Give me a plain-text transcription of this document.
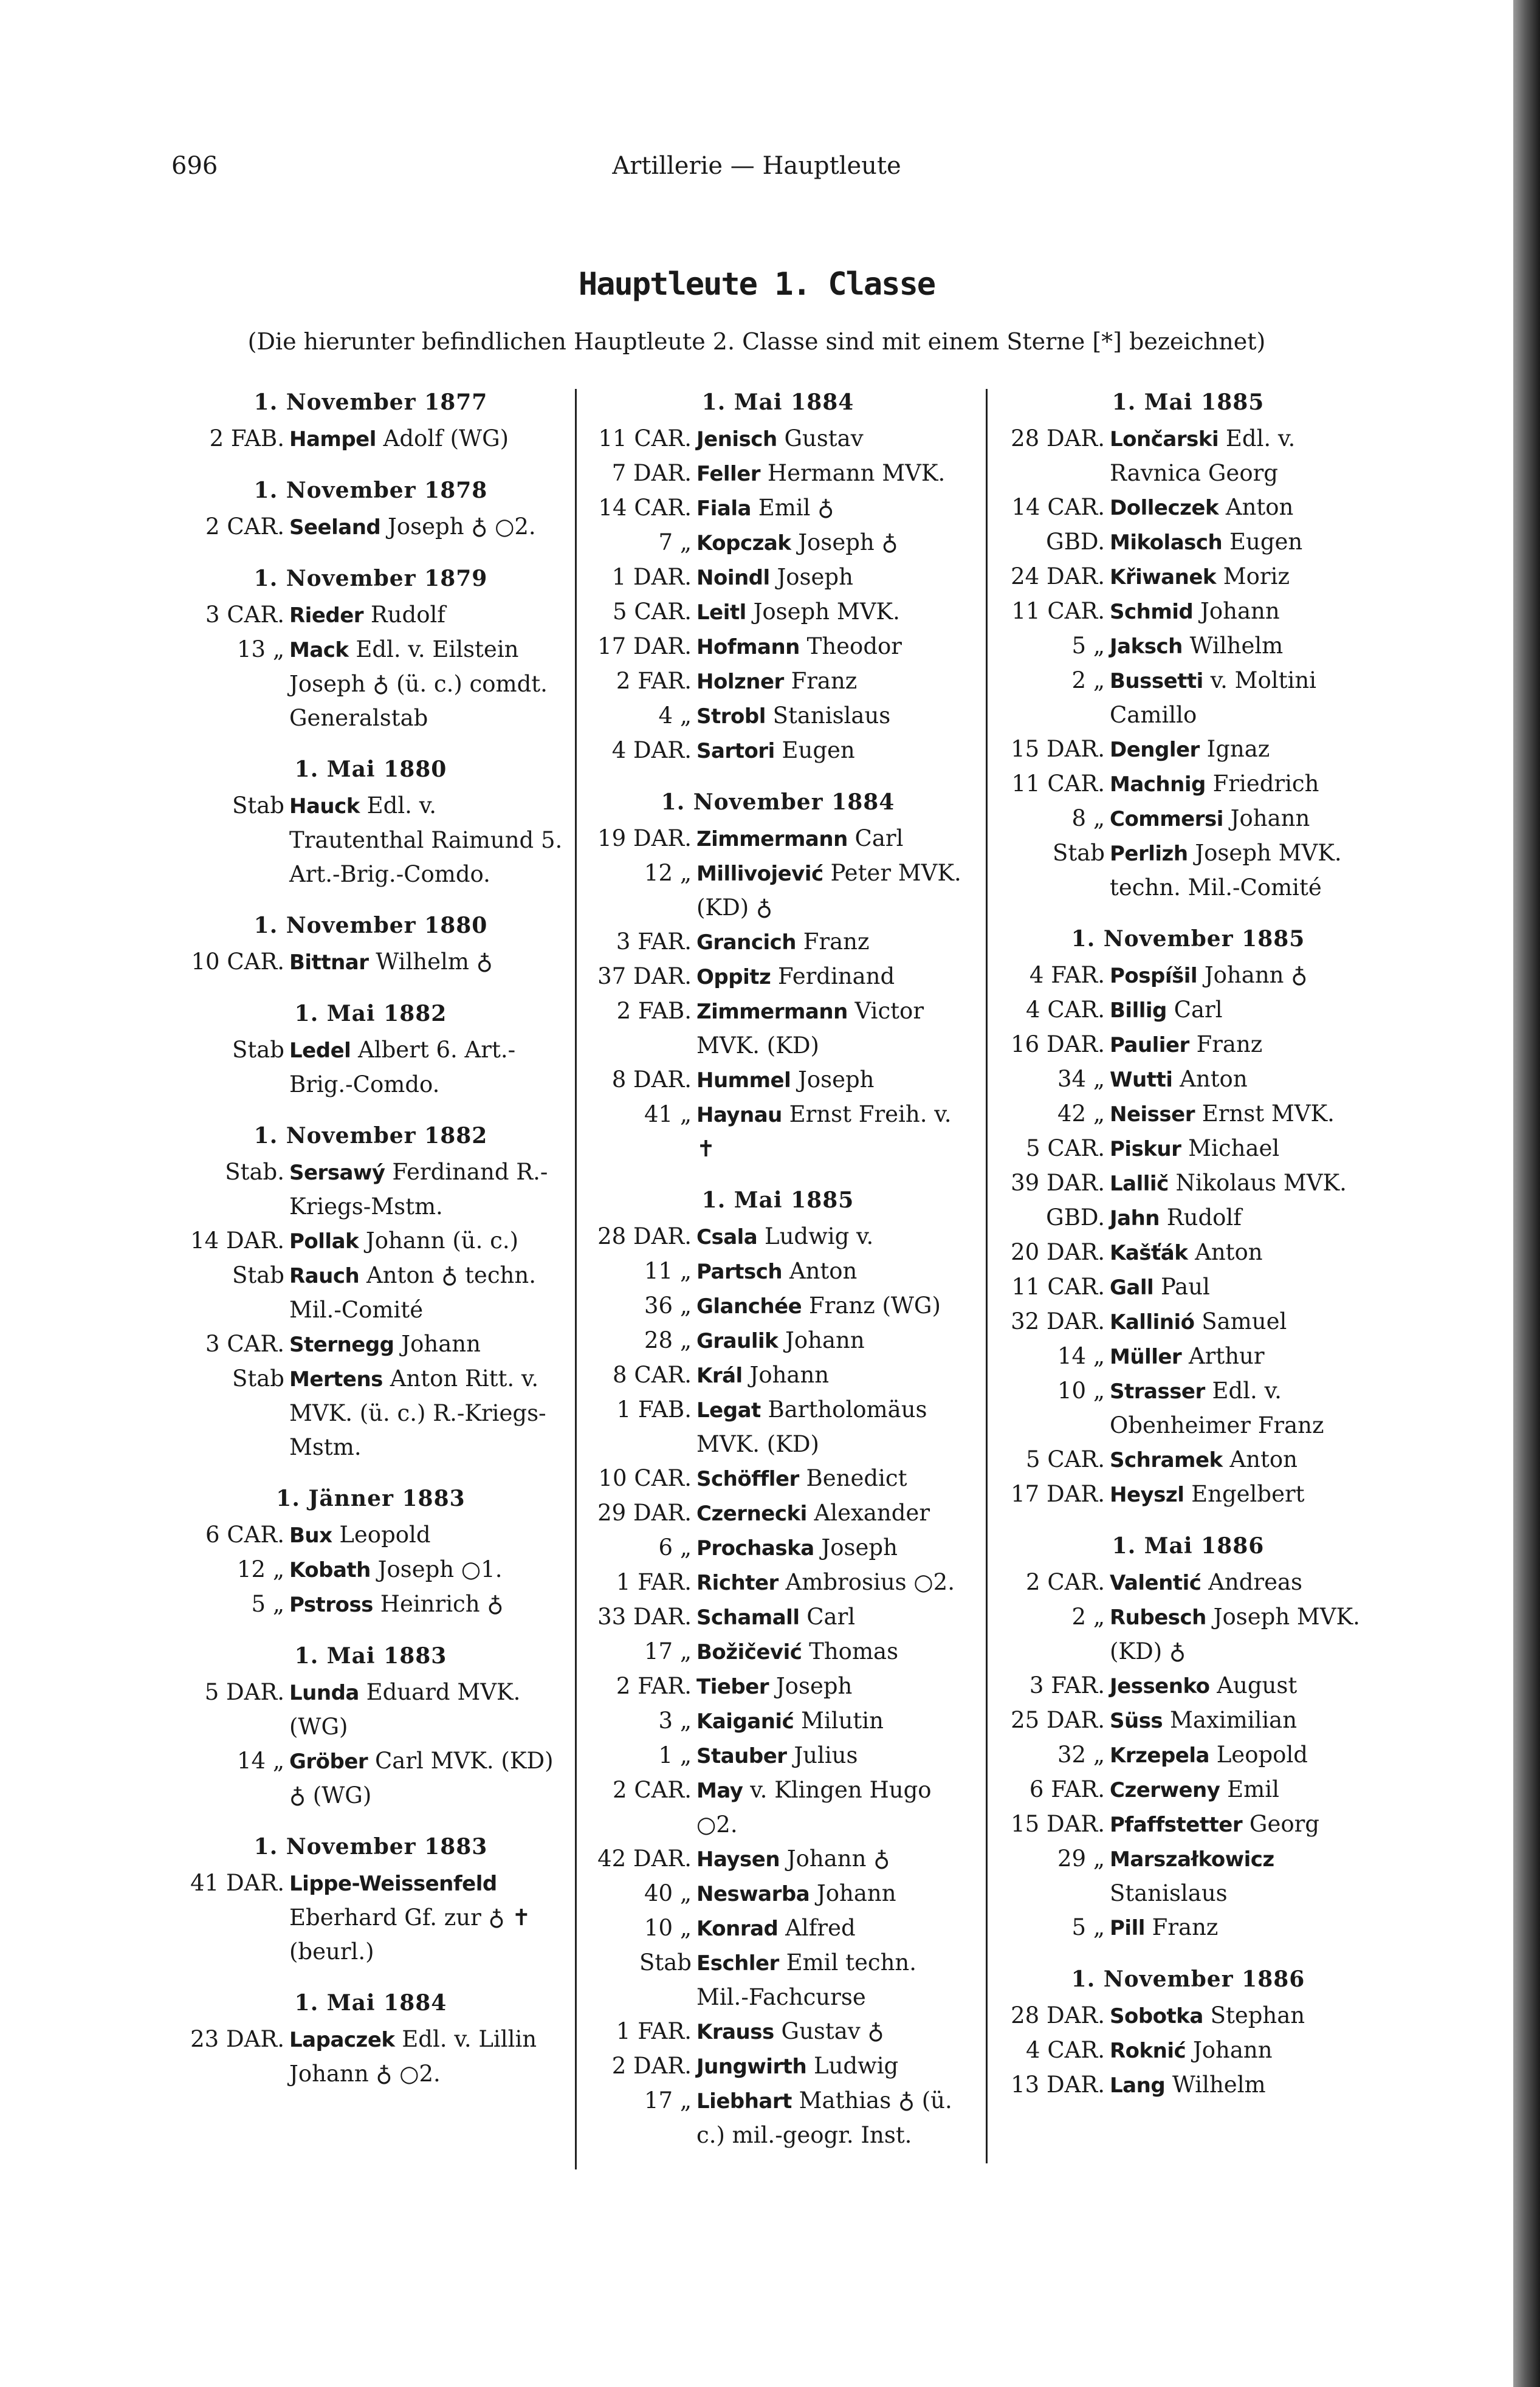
696	Artillerie — Hauptleute
Hauptleute 1. Classe
(Die hierunter befindlichen Hauptleute 2. Classe sind mit einem Sterne [*] bezeichnet)
1. November 1877
2 FAB. Hampel Adolf (WG)
1. November 1878
2 CAR. Seeland Joseph ♁ ○2.
1. November 1879
3 CAR. Rieder Rudolf
13 „ Mack Edl. v. Eilstein Joseph ♁ (ü. c.) comdt. Generalstab
1. Mai 1880
Stab Hauck Edl. v. Trautenthal Raimund 5. Art.-Brig.-Comdo.
1. November 1880
10 CAR. Bittnar Wilhelm ♁
1. Mai 1882
Stab Ledel Albert 6. Art.-Brig.-Comdo.
1. November 1882
Stab. Sersawý Ferdinand R.-Kriegs-Mstm.
14 DAR. Pollak Johann (ü. c.)
Stab Rauch Anton ♁ techn. Mil.-Comité
3 CAR. Sternegg Johann
Stab Mertens Anton Ritt. v. MVK. (ü. c.) R.-Kriegs-Mstm.
1. Jänner 1883
6 CAR. Bux Leopold
12 „ Kobath Joseph ○1.
5 „ Pstross Heinrich ♁
1. Mai 1883
5 DAR. Lunda Eduard MVK. (WG)
14 „ Gröber Carl MVK. (KD) ♁ (WG)
1. November 1883
41 DAR. Lippe-Weissenfeld Eberhard Gf. zur ♁ ✝ (beurl.)
1. Mai 1884
23 DAR. Lapaczek Edl. v. Lillin Johann ♁ ○2.
1. Mai 1884
11 CAR. Jenisch Gustav
7 DAR. Feller Hermann MVK.
14 CAR. Fiala Emil ♁
7 „ Kopczak Joseph ♁
1 DAR. Noindl Joseph
5 CAR. Leitl Joseph MVK.
17 DAR. Hofmann Theodor
2 FAR. Holzner Franz
4 „ Strobl Stanislaus
4 DAR. Sartori Eugen
1. November 1884
19 DAR. Zimmermann Carl
12 „ Millivojević Peter MVK. (KD) ♁
3 FAR. Grancich Franz
37 DAR. Oppitz Ferdinand
2 FAB. Zimmermann Victor MVK. (KD)
8 DAR. Hummel Joseph
41 „ Haynau Ernst Freih. v. ✝
1. Mai 1885
28 DAR. Csala Ludwig v.
11 „ Partsch Anton
36 „ Glanchée Franz (WG)
28 „ Graulik Johann
8 CAR. Král Johann
1 FAB. Legat Bartholomäus MVK. (KD)
10 CAR. Schöffler Benedict
29 DAR. Czernecki Alexander
6 „ Prochaska Joseph
1 FAR. Richter Ambrosius ○2.
33 DAR. Schamall Carl
17 „ Božičević Thomas
2 FAR. Tieber Joseph
3 „ Kaiganić Milutin
1 „ Stauber Julius
2 CAR. May v. Klingen Hugo ○2.
42 DAR. Haysen Johann ♁
40 „ Neswarba Johann
10 „ Konrad Alfred
Stab Eschler Emil techn. Mil.-Fachcurse
1 FAR. Krauss Gustav ♁
2 DAR. Jungwirth Ludwig
17 „ Liebhart Mathias ♁ (ü. c.) mil.-geogr. Inst.
1. Mai 1885
28 DAR. Lončarski Edl. v. Ravnica Georg
14 CAR. Dolleczek Anton
GBD. Mikolasch Eugen
24 DAR. Křiwanek Moriz
11 CAR. Schmid Johann
5 „ Jaksch Wilhelm
2 „ Bussetti v. Moltini Camillo
15 DAR. Dengler Ignaz
11 CAR. Machnig Friedrich
8 „ Commersi Johann
Stab Perlizh Joseph MVK. techn. Mil.-Comité
1. November 1885
4 FAR. Pospíšil Johann ♁
4 CAR. Billig Carl
16 DAR. Paulier Franz
34 „ Wutti Anton
42 „ Neisser Ernst MVK.
5 CAR. Piskur Michael
39 DAR. Lallič Nikolaus MVK.
GBD. Jahn Rudolf
20 DAR. Kašťák Anton
11 CAR. Gall Paul
32 DAR. Kallinió Samuel
14 „ Müller Arthur
10 „ Strasser Edl. v. Obenheimer Franz
5 CAR. Schramek Anton
17 DAR. Heyszl Engelbert
1. Mai 1886
2 CAR. Valentić Andreas
2 „ Rubesch Joseph MVK. (KD) ♁
3 FAR. Jessenko August
25 DAR. Süss Maximilian
32 „ Krzepela Leopold
6 FAR. Czerweny Emil
15 DAR. Pfaffstetter Georg
29 „ Marszałkowicz Stanislaus
5 „ Pill Franz
1. November 1886
28 DAR. Sobotka Stephan
4 CAR. Roknić Johann
13 DAR. Lang Wilhelm
